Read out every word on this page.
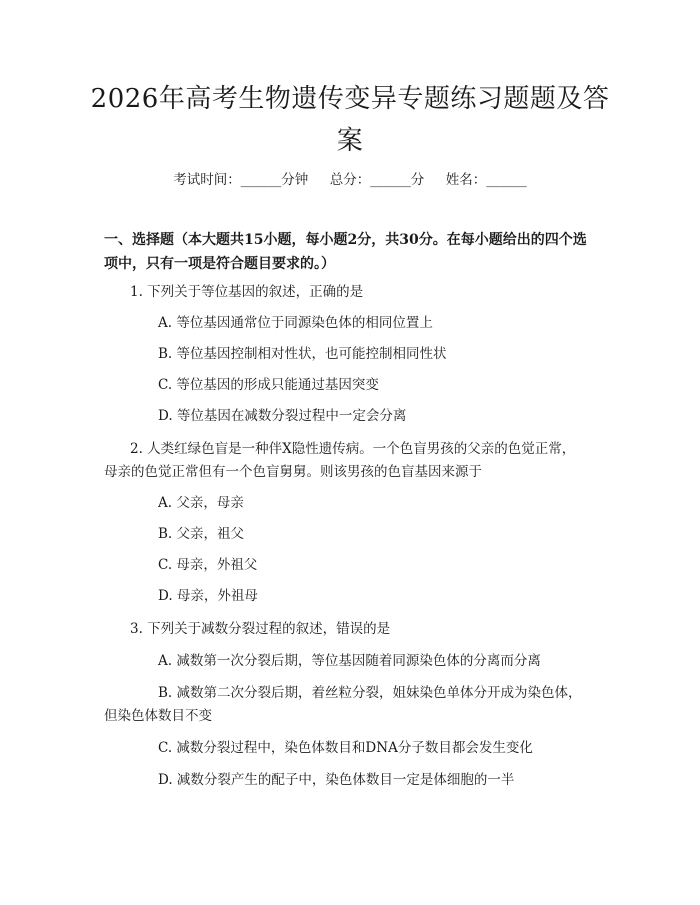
2026年高考生物遗传变异专题练习题题及答
案
考试时间：______分钟     总分：______分     姓名：______
一、选择题（本大题共15小题，每小题2分，共30分。在每小题给出的四个选
项中，只有一项是符合题目要求的。）
1. 下列关于等位基因的叙述，正确的是
A. 等位基因通常位于同源染色体的相同位置上
B. 等位基因控制相对性状，也可能控制相同性状
C. 等位基因的形成只能通过基因突变
D. 等位基因在减数分裂过程中一定会分离
2. 人类红绿色盲是一种伴X隐性遗传病。一个色盲男孩的父亲的色觉正常，
母亲的色觉正常但有一个色盲舅舅。则该男孩的色盲基因来源于
A. 父亲，母亲
B. 父亲，祖父
C. 母亲，外祖父
D. 母亲，外祖母
3. 下列关于减数分裂过程的叙述，错误的是
A. 减数第一次分裂后期，等位基因随着同源染色体的分离而分离
B. 减数第二次分裂后期，着丝粒分裂，姐妹染色单体分开成为染色体，
但染色体数目不变
C. 减数分裂过程中，染色体数目和DNA分子数目都会发生变化
D. 减数分裂产生的配子中，染色体数目一定是体细胞的一半
